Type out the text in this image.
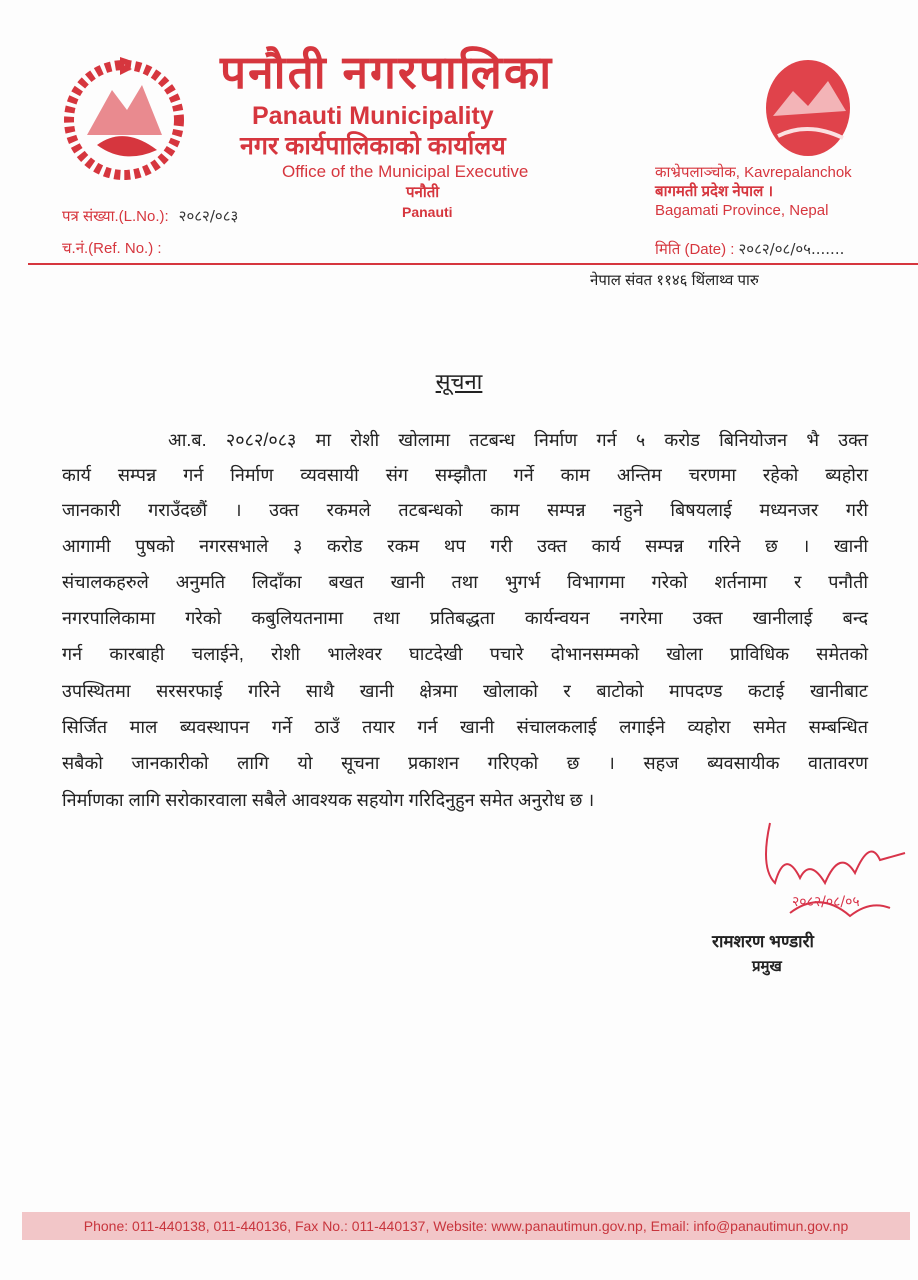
पनौती नगरपालिका
Panauti Municipality
नगर कार्यपालिकाको कार्यालय
Office of the Municipal Executive
पनौती
Panauti
काभ्रेपलाञ्चोक, Kavrepalanchok
बागमती प्रदेश नेपाल ।
Bagamati Province, Nepal
पत्र संख्या.(L.No.): २०८२/०८३
च.नं.(Ref. No.) :	मिति (Date) : २०८२/०८/०५.......
नेपाल संवत ११४६ थिंलाथ्व पारु
सूचना
आ.ब. २०८२/०८३ मा रोशी खोलामा तटबन्ध निर्माण गर्न ५ करोड बिनियोजन भै उक्त
कार्य सम्पन्न गर्न निर्माण व्यवसायी संग सम्झौता गर्ने काम अन्तिम चरणमा रहेको ब्यहोरा
जानकारी गराउँदछौं । उक्त रकमले तटबन्धको काम सम्पन्न नहुने बिषयलाई मध्यनजर गरी
आगामी पुषको नगरसभाले ३ करोड रकम थप गरी उक्त कार्य सम्पन्न गरिने छ । खानी
संचालकहरुले अनुमति लिदाँका बखत खानी तथा भुगर्भ विभागमा गरेको शर्तनामा र पनौती
नगरपालिकामा गरेको कबुलियतनामा तथा प्रतिबद्धता कार्यन्वयन नगरेमा उक्त खानीलाई बन्द
गर्न कारबाही चलाईने, रोशी भालेश्वर घाटदेखी पचारे दोभानसम्मको खोला प्राविधिक समेतको
उपस्थितमा सरसरफाई गरिने साथै खानी क्षेत्रमा खोलाको र बाटोको मापदण्ड कटाई खानीबाट
सिर्जित माल ब्यवस्थापन गर्ने ठाउँ तयार गर्न खानी संचालकलाई लगाईने व्यहोरा समेत सम्बन्धित
सबैको जानकारीको लागि यो सूचना प्रकाशन गरिएको छ । सहज ब्यवसायीक वातावरण
निर्माणका लागि सरोकारवाला सबैले आवश्यक सहयोग गरिदिनुहुन समेत अनुरोध छ ।
२०८२/०८/०५
रामशरण भण्डारी
प्रमुख
Phone: 011-440138, 011-440136, Fax No.: 011-440137, Website: www.panautimun.gov.np, Email: info@panautimun.gov.np
